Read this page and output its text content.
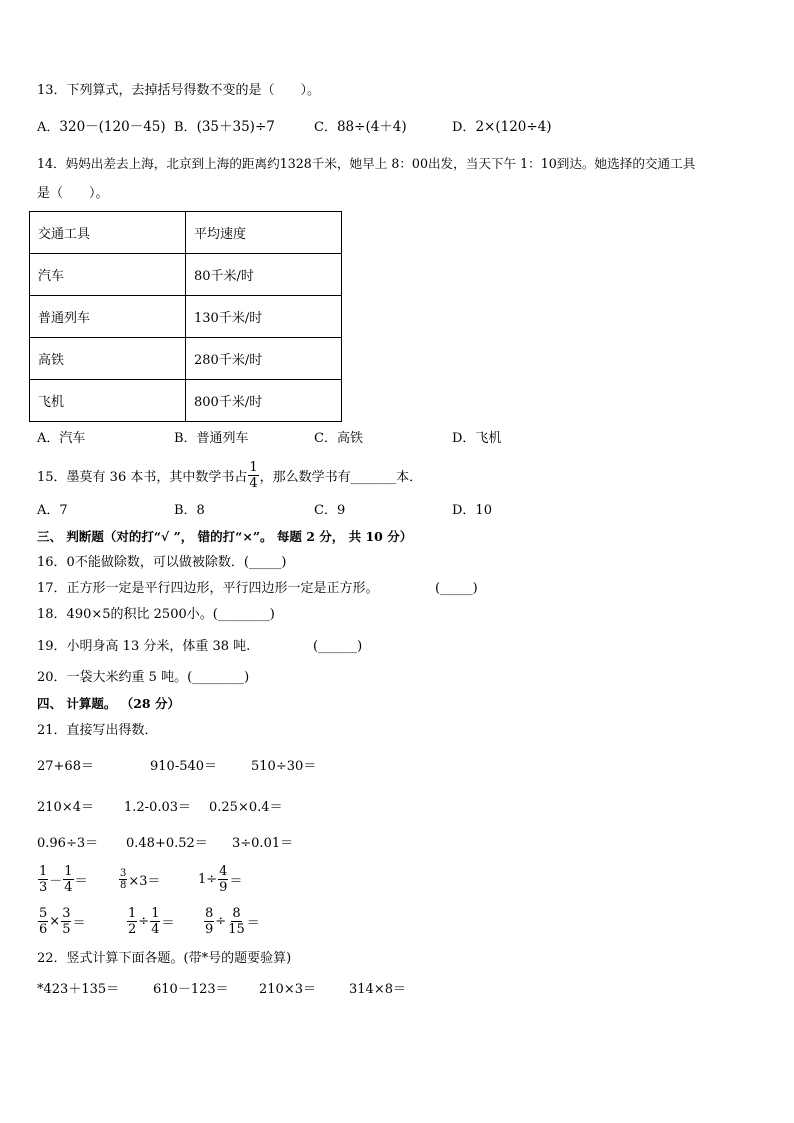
13．下列算式，去掉括号得数不变的是（　　）。
A．320－(120－45) B．(35＋35)÷7	C．88÷(4＋4)	D．2×(120÷4)
14．妈妈出差去上海，北京到上海的距离约1328千米，她早上 8：00出发，当天下午 1：10到达。她选择的交通工具
是（　　）。
交通工具	平均速度
汽车	80千米/时
普通列车	130千米/时
高铁	280千米/时
飞机	800千米/时
A．汽车	B．普通列车	C．高铁	D．飞机
15．墨莫有 36 本书，其中数学书占 $\frac{1}{4}$ ，那么数学书有_______本．
A．7	B．8	C．9	D．10
三、 判断题（对的打“√ ”， 错的打“×”。 每题 2 分， 共 10 分）
16．0不能做除数，可以做被除数．(_____)
17．正方形一定是平行四边形，平行四边形一定是正方形。	(_____)
18．490×5的积比 2500小。(________)
19．小明身高 13 分米，体重 38 吨.	(______)
20．一袋大米约重 5 吨。(________)
四、 计算题。 （28 分）
21．直接写出得数．
27+68＝	910-540＝	510÷30＝
210×4＝ 1.2-0.03＝ 0.25×0.4＝
0.96÷3＝ 0.48+0.52＝ 3÷0.01＝
$\frac{1}{3} - \frac{1}{4}$ ＝	$\frac{3}{8} \times 3=$	$1\div \frac{4}{9}$ ＝
$\frac{5}{6} \times \frac{3}{5}$ ＝	$\frac{1}{2} \div \frac{1}{4} = \frac{8}{9} \div \frac{8}{15}$ ＝
22．竖式计算下面各题。(带*号的题要验算)
*423＋135＝	610－123＝ 210×3＝	314×8＝
